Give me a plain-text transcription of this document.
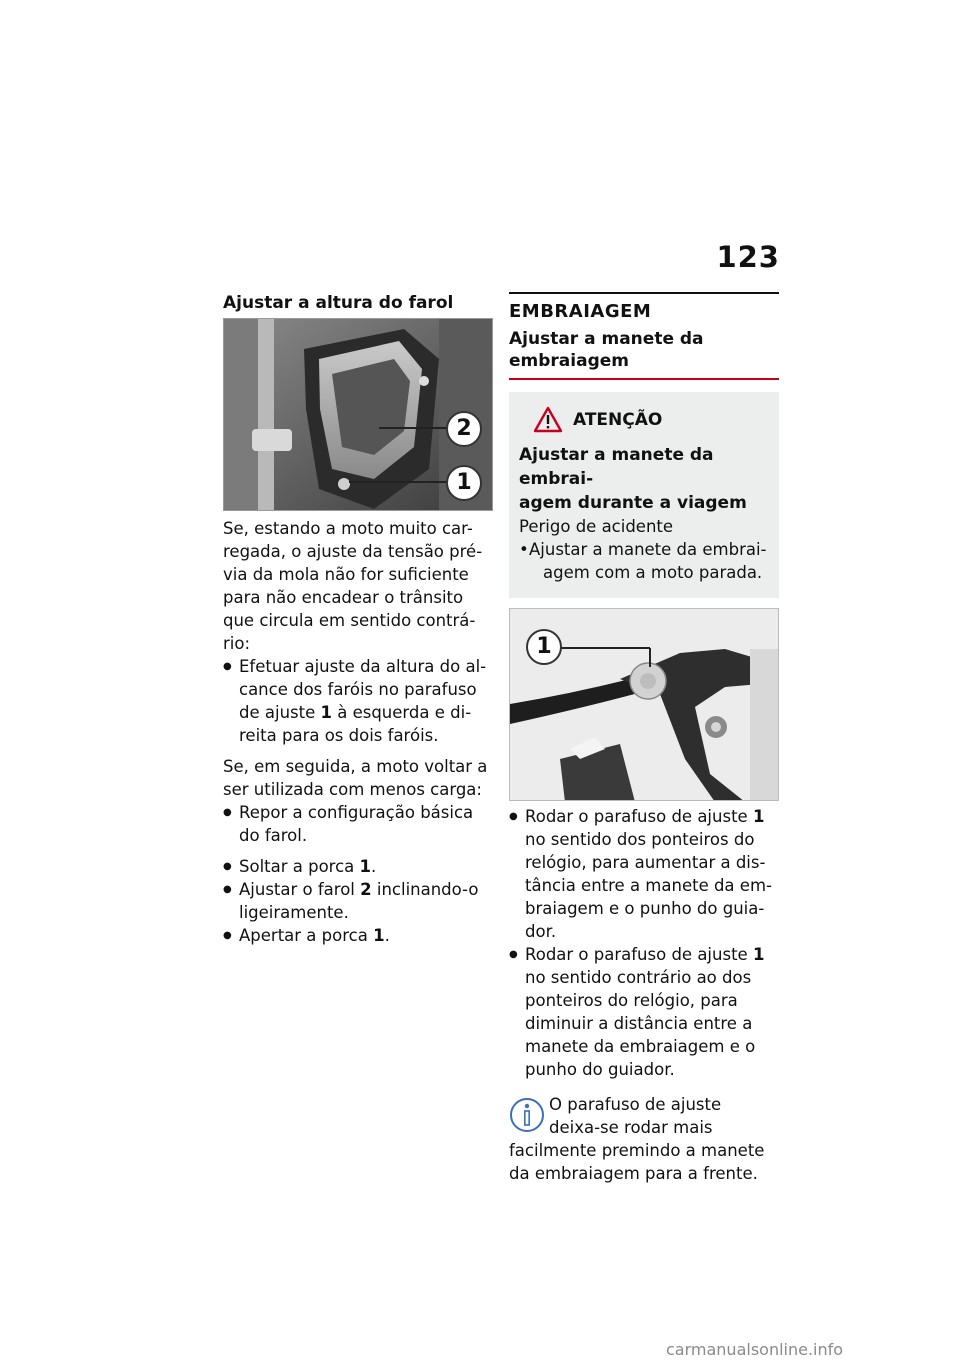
123
Ajustar a altura do farol
2
1
Se, estando a moto muito car-
regada, o ajuste da tensão pré-
via da mola não for suficiente
para não encadear o trânsito
que circula em sentido contrá-
rio:
● Efetuar ajuste da altura do al-
cance dos faróis no parafuso
de ajuste 1 à esquerda e di-
reita para os dois faróis.
Se, em seguida, a moto voltar a
ser utilizada com menos carga:
● Repor a configuração básica
do farol.
● Soltar a porca 1.
● Ajustar o farol 2 inclinando-o
ligeiramente.
● Apertar a porca 1.
EMBRAIAGEM
Ajustar a manete da
embraiagem
ATENÇÃO
Ajustar a manete da embrai-
agem durante a viagem
Perigo de acidente
• Ajustar a manete da embrai-
agem com a moto parada.
1
● Rodar o parafuso de ajuste 1
no sentido dos ponteiros do
relógio, para aumentar a dis-
tância entre a manete da em-
braiagem e o punho do guia-
dor.
● Rodar o parafuso de ajuste 1
no sentido contrário ao dos
ponteiros do relógio, para
diminuir a distância entre a
manete da embraiagem e o
punho do guiador.
O parafuso de ajuste
deixa-se rodar mais
facilmente premindo a manete
da embraiagem para a frente.
carmanualsonline.info
